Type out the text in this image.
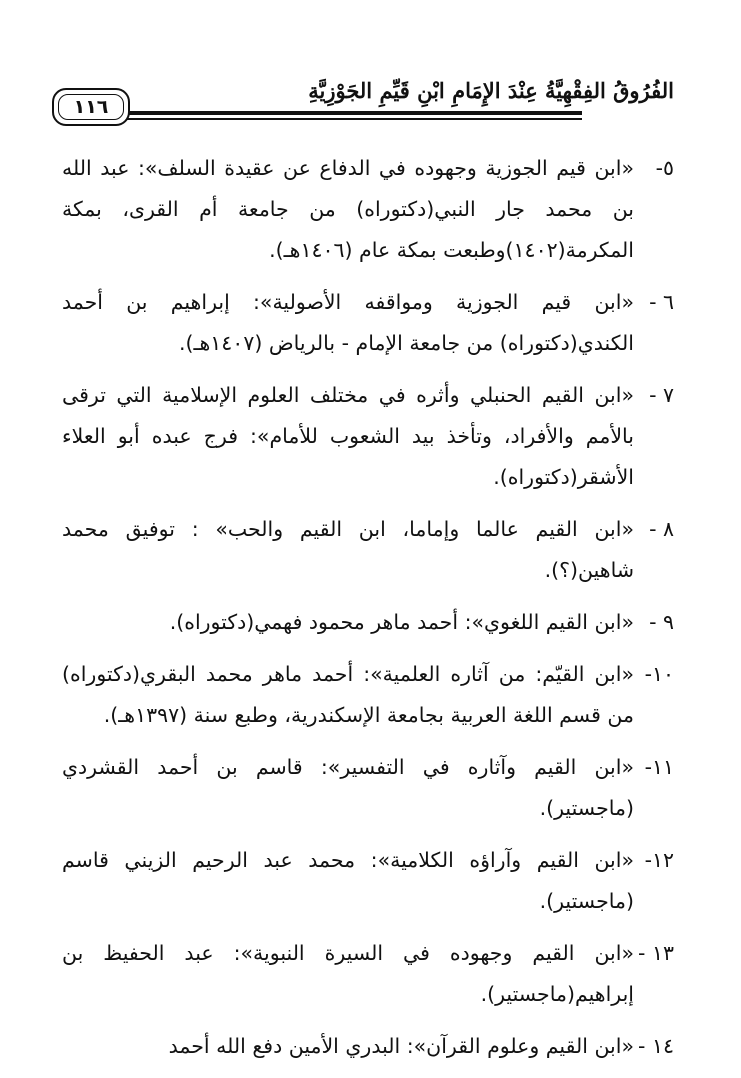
الفُرُوقُ الفِقْهِيَّةُ عِنْدَ الإِمَامِ ابْنِ قَيِّمِ الجَوْزِيَّةِ
١١٦
٥-
«ابن قيم الجوزية وجهوده في الدفاع عن عقيدة السلف»: عبد الله بن محمد جار النبي(دكتوراه) من جامعة أم القرى، بمكة المكرمة(١٤٠٢)وطبعت بمكة عام (١٤٠٦هـ).
٦ -
«ابن قيم الجوزية ومواقفه الأصولية»: إبراهيم بن أحمد الكندي(دكتوراه) من جامعة الإمام - بالرياض (١٤٠٧هـ).
٧ -
«ابن القيم الحنبلي وأثره في مختلف العلوم الإسلامية التي ترقى بالأمم والأفراد، وتأخذ بيد الشعوب للأمام»: فرج عبده أبو العلاء الأشقر(دكتوراه).
٨ -
«ابن القيم عالما وإماما، ابن القيم والحب» : توفيق محمد شاهين(؟).
٩ -
«ابن القيم اللغوي»: أحمد ماهر محمود فهمي(دكتوراه).
١٠-
«ابن القيّم: من آثاره العلمية»: أحمد ماهر محمد البقري(دكتوراه) من قسم اللغة العربية بجامعة الإسكندرية، وطبع سنة (١٣٩٧هـ).
١١-
«ابن القيم وآثاره في التفسير»: قاسم بن أحمد القشردي (ماجستير).
١٢-
«ابن القيم وآراؤه الكلامية»: محمد عبد الرحيم الزيني قاسم (ماجستير).
١٣ -
«ابن القيم وجهوده في السيرة النبوية»: عبد الحفيظ بن إبراهيم(ماجستير).
١٤ -
«ابن القيم وعلوم القرآن»: البدري الأمين دفع الله أحمد
